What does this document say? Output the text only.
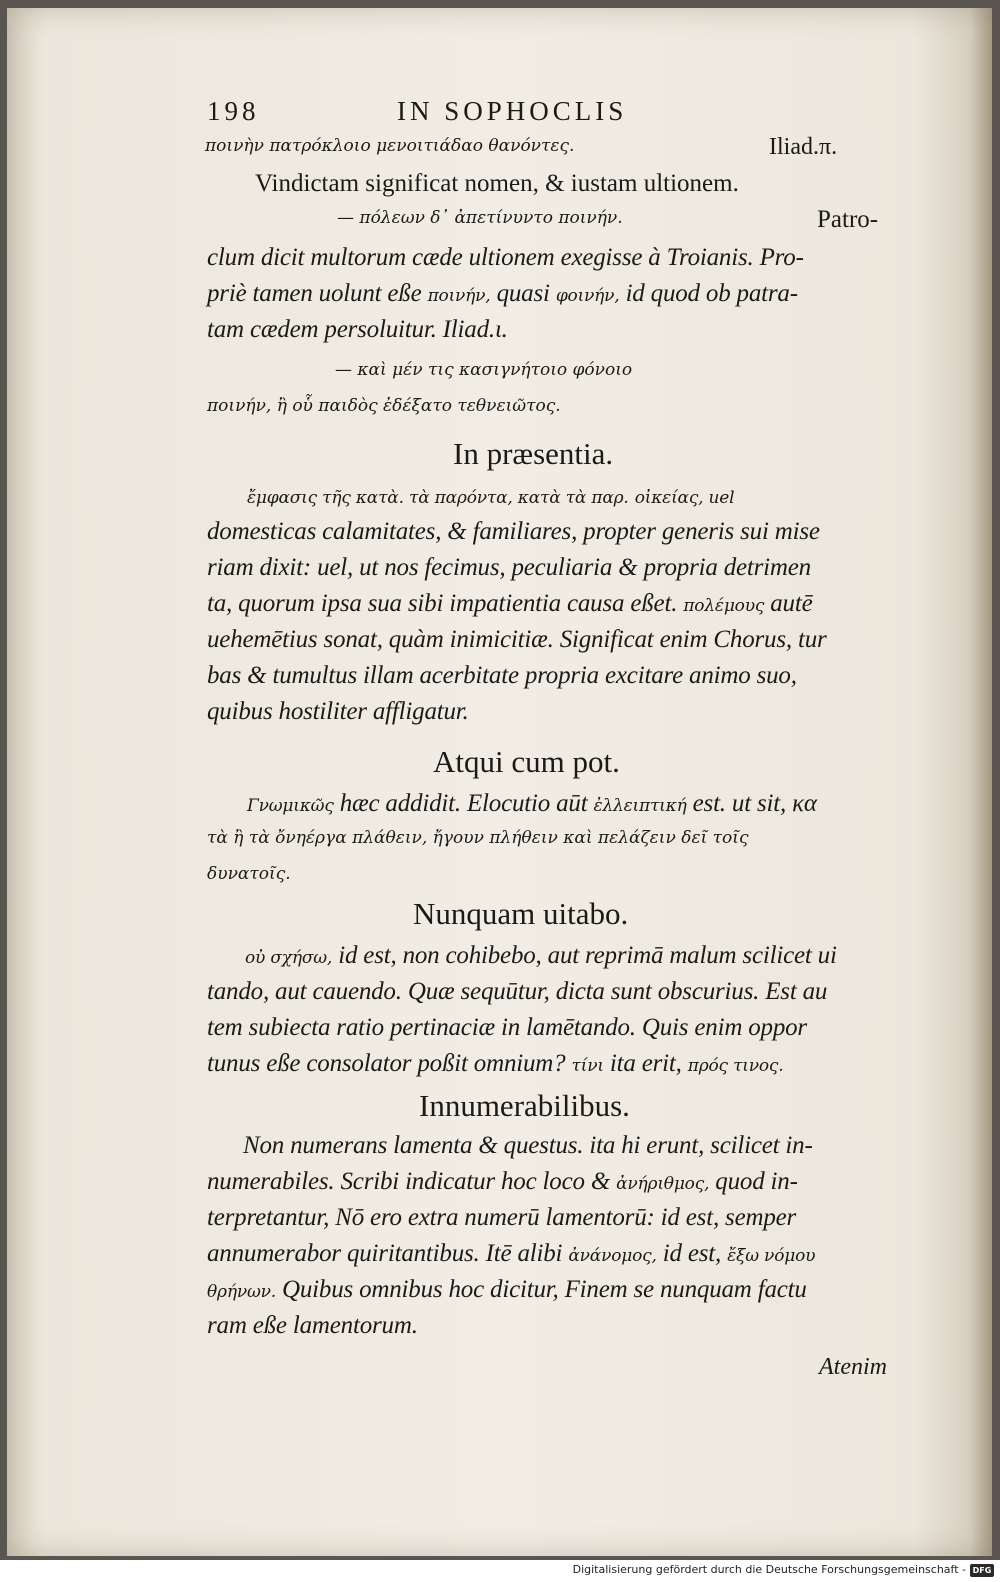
198	IN SOPHOCLIS
ποινὴν πατρόκλοιο μενοιτιάδαο θανόντες.	Iliad.π.
Vindictam significat nomen, & iustam ultionem.
— πόλεων δ᾽ ἀπετίνυντο ποινήν.	Patro-
clum dicit multorum cæde ultionem exegisse à Troianis. Pro-
priè tamen uolunt eße ποινήν, quasi φοινήν, id quod ob patra-
tam cædem persoluitur. Iliad.ι.
— καὶ μέν τις κασιγνήτοιο φόνοιο
ποινήν, ἢ οὗ παιδὸς ἐδέξατο τεθνειῶτος.
In præsentia.
ἔμφασις τῆς κατὰ. τὰ παρόντα, κατὰ τὰ παρ. οἰκείας, uel
domesticas calamitates, & familiares, propter generis sui mise
riam dixit: uel, ut nos fecimus, peculiaria & propria detrimen
ta, quorum ipsa sua sibi impatientia causa eßet. πολέμους autē
uehemētius sonat, quàm inimicitiæ. Significat enim Chorus, tur
bas & tumultus illam acerbitate propria excitare animo suo,
quibus hostiliter affligatur.
Atqui cum pot.
Γνωμικῶς hæc addidit. Elocutio aūt ἐλλειπτική est. ut sit, κα
τὰ ἢ τὰ ὄνηέργα πλάθειν, ἤγουν πλήθειν καὶ πελάζειν δεῖ τοῖς
δυνατοῖς.
Nunquam uitabo.
οὐ σχήσω, id est, non cohibebo, aut reprimā malum scilicet ui
tando, aut cauendo. Quæ sequūtur, dicta sunt obscurius. Est au
tem subiecta ratio pertinaciæ in lamētando. Quis enim oppor
tunus eße consolator poßit omnium? τίνι ita erit, πρός τινος.
Innumerabilibus.
Non numerans lamenta & questus. ita hi erunt, scilicet in-
numerabiles. Scribi indicatur hoc loco & ἀνήριθμος, quod in-
terpretantur, Nō ero extra numerū lamentorū: id est, semper
annumerabor quiritantibus. Itē alibi ἀνάνομος, id est, ἔξω νόμου
θρήνων. Quibus omnibus hoc dicitur, Finem se nunquam factu
ram eße lamentorum.
Atenim
Digitalisierung gefördert durch die Deutsche Forschungsgemeinschaft - DFG
